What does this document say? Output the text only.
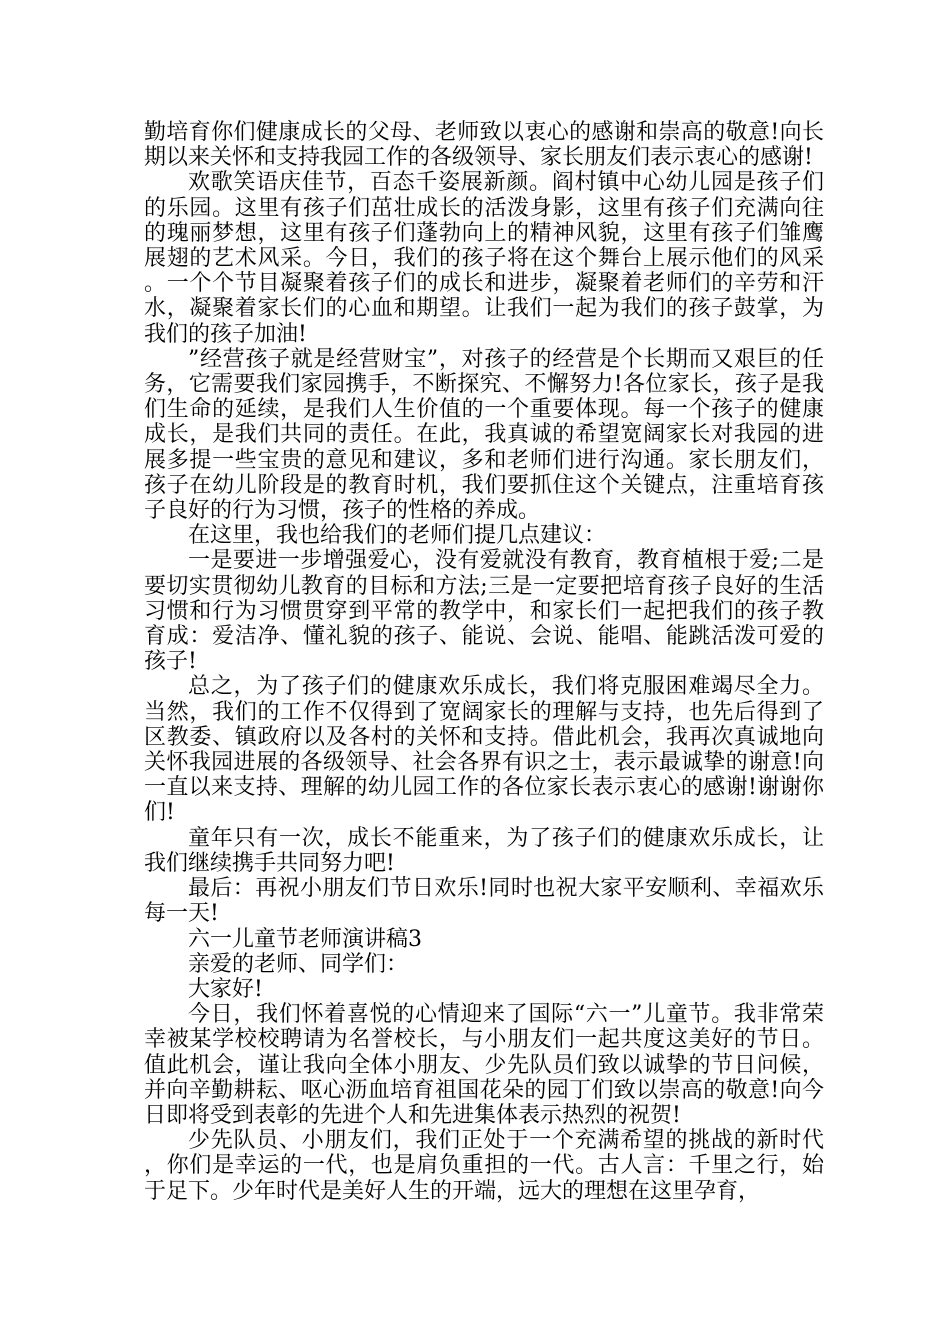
勤培育你们健康成长的父母、老师致以衷心的感谢和崇高的敬意!向长期以来关怀和支持我园工作的各级领导、家长朋友们表示衷心的感谢!

欢歌笑语庆佳节，百态千姿展新颜。阎村镇中心幼儿园是孩子们的乐园。这里有孩子们茁壮成长的活泼身影，这里有孩子们充满向往的瑰丽梦想，这里有孩子们蓬勃向上的精神风貌，这里有孩子们雏鹰展翅的艺术风采。今日，我们的孩子将在这个舞台上展示他们的风采。一个个节目凝聚着孩子们的成长和进步，凝聚着老师们的辛劳和汗水，凝聚着家长们的心血和期望。让我们一起为我们的孩子鼓掌，为我们的孩子加油!

”经营孩子就是经营财宝”，对孩子的经营是个长期而又艰巨的任务，它需要我们家园携手，不断探究、不懈努力!各位家长，孩子是我们生命的延续，是我们人生价值的一个重要体现。每一个孩子的健康成长，是我们共同的责任。在此，我真诚的希望宽阔家长对我园的进展多提一些宝贵的意见和建议，多和老师们进行沟通。家长朋友们，孩子在幼儿阶段是的教育时机，我们要抓住这个关键点，注重培育孩子良好的行为习惯，孩子的性格的养成。

在这里，我也给我们的老师们提几点建议：

一是要进一步增强爱心，没有爱就没有教育，教育植根于爱;二是要切实贯彻幼儿教育的目标和方法;三是一定要把培育孩子良好的生活习惯和行为习惯贯穿到平常的教学中，和家长们一起把我们的孩子教育成：爱洁净、懂礼貌的孩子、能说、会说、能唱、能跳活泼可爱的孩子!

总之，为了孩子们的健康欢乐成长，我们将克服困难竭尽全力。当然，我们的工作不仅得到了宽阔家长的理解与支持，也先后得到了区教委、镇政府以及各村的关怀和支持。借此机会，我再次真诚地向关怀我园进展的各级领导、社会各界有识之士，表示最诚挚的谢意!向一直以来支持、理解的幼儿园工作的各位家长表示衷心的感谢!谢谢你们!

童年只有一次，成长不能重来，为了孩子们的健康欢乐成长，让我们继续携手共同努力吧!

最后：再祝小朋友们节日欢乐!同时也祝大家平安顺利、幸福欢乐每一天!

六一儿童节老师演讲稿3

亲爱的老师、同学们：

大家好!

今日，我们怀着喜悦的心情迎来了国际“六一”儿童节。我非常荣幸被某学校校聘请为名誉校长，与小朋友们一起共度这美好的节日。值此机会，谨让我向全体小朋友、少先队员们致以诚挚的节日问候，并向辛勤耕耘、呕心沥血培育祖国花朵的园丁们致以崇高的敬意!向今日即将受到表彰的先进个人和先进集体表示热烈的祝贺!

少先队员、小朋友们，我们正处于一个充满希望的挑战的新时代，你们是幸运的一代，也是肩负重担的一代。古人言：千里之行，始于足下。少年时代是美好人生的开端，远大的理想在这里孕育，
